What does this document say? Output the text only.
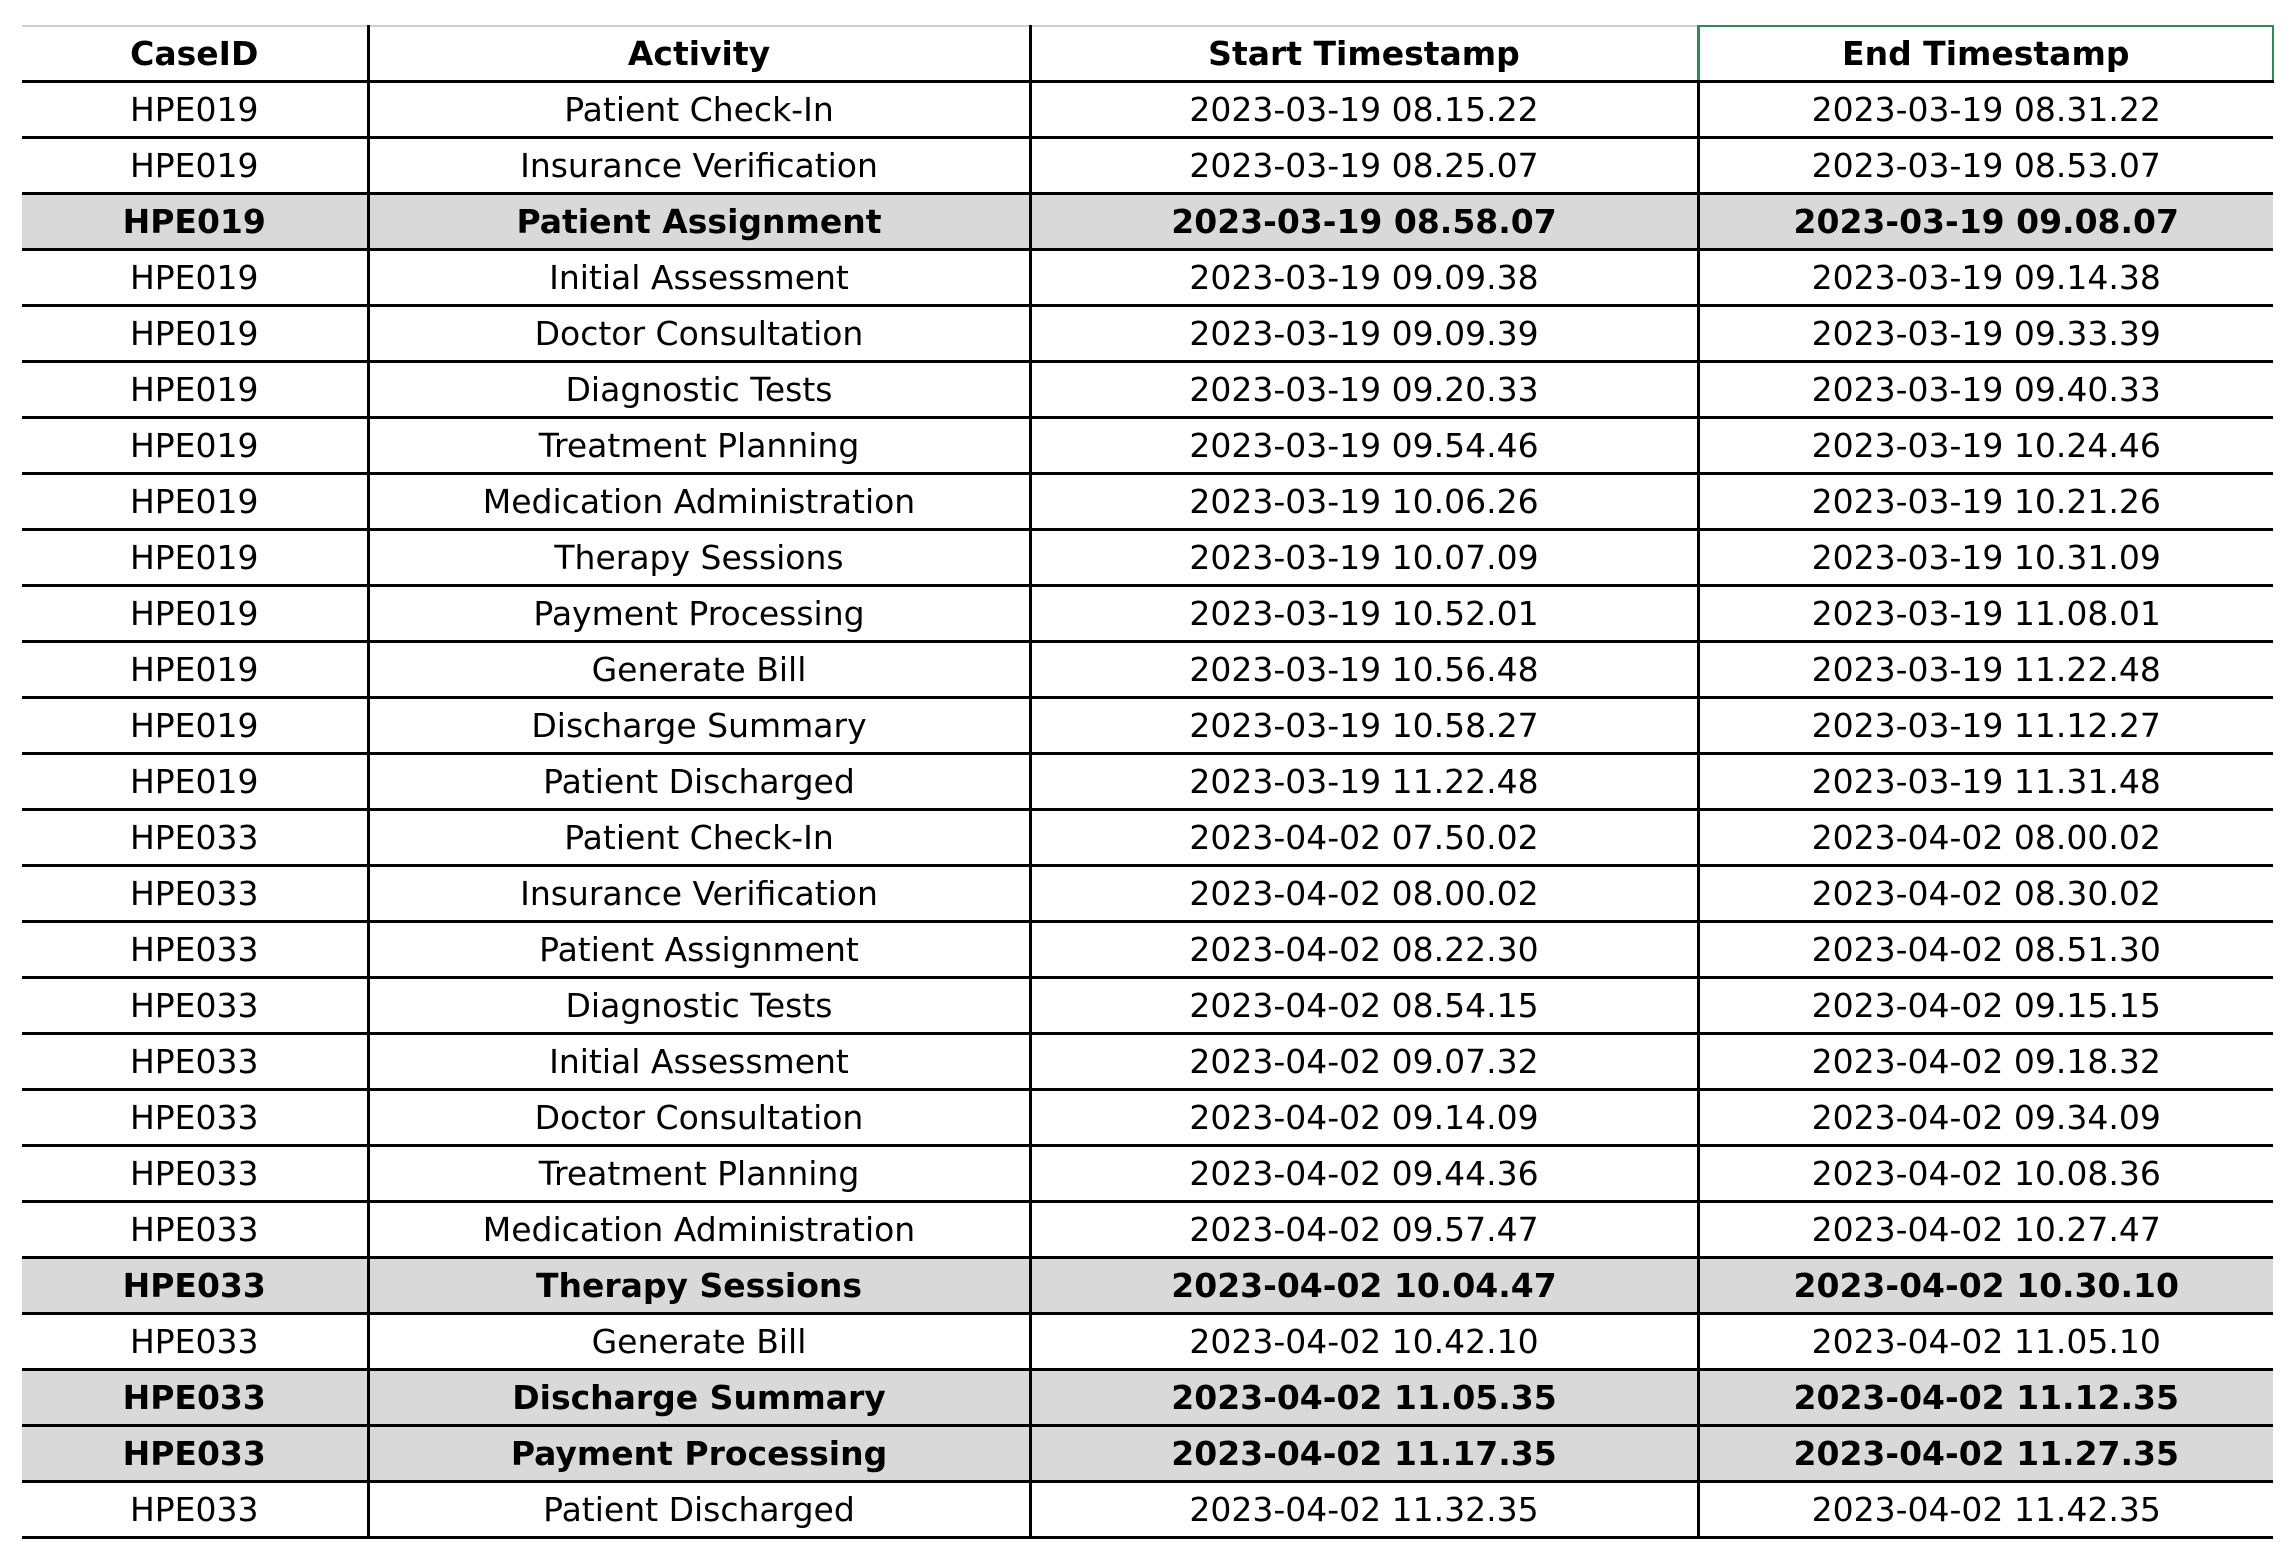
CaseID	Activity	Start Timestamp	End Timestamp
HPE019	Patient Check-In	2023-03-19 08.15.22	2023-03-19 08.31.22
HPE019	Insurance Verification	2023-03-19 08.25.07	2023-03-19 08.53.07
HPE019	Patient Assignment	2023-03-19 08.58.07	2023-03-19 09.08.07
HPE019	Initial Assessment	2023-03-19 09.09.38	2023-03-19 09.14.38
HPE019	Doctor Consultation	2023-03-19 09.09.39	2023-03-19 09.33.39
HPE019	Diagnostic Tests	2023-03-19 09.20.33	2023-03-19 09.40.33
HPE019	Treatment Planning	2023-03-19 09.54.46	2023-03-19 10.24.46
HPE019	Medication Administration	2023-03-19 10.06.26	2023-03-19 10.21.26
HPE019	Therapy Sessions	2023-03-19 10.07.09	2023-03-19 10.31.09
HPE019	Payment Processing	2023-03-19 10.52.01	2023-03-19 11.08.01
HPE019	Generate Bill	2023-03-19 10.56.48	2023-03-19 11.22.48
HPE019	Discharge Summary	2023-03-19 10.58.27	2023-03-19 11.12.27
HPE019	Patient Discharged	2023-03-19 11.22.48	2023-03-19 11.31.48
HPE033	Patient Check-In	2023-04-02 07.50.02	2023-04-02 08.00.02
HPE033	Insurance Verification	2023-04-02 08.00.02	2023-04-02 08.30.02
HPE033	Patient Assignment	2023-04-02 08.22.30	2023-04-02 08.51.30
HPE033	Diagnostic Tests	2023-04-02 08.54.15	2023-04-02 09.15.15
HPE033	Initial Assessment	2023-04-02 09.07.32	2023-04-02 09.18.32
HPE033	Doctor Consultation	2023-04-02 09.14.09	2023-04-02 09.34.09
HPE033	Treatment Planning	2023-04-02 09.44.36	2023-04-02 10.08.36
HPE033	Medication Administration	2023-04-02 09.57.47	2023-04-02 10.27.47
HPE033	Therapy Sessions	2023-04-02 10.04.47	2023-04-02 10.30.10
HPE033	Generate Bill	2023-04-02 10.42.10	2023-04-02 11.05.10
HPE033	Discharge Summary	2023-04-02 11.05.35	2023-04-02 11.12.35
HPE033	Payment Processing	2023-04-02 11.17.35	2023-04-02 11.27.35
HPE033	Patient Discharged	2023-04-02 11.32.35	2023-04-02 11.42.35
